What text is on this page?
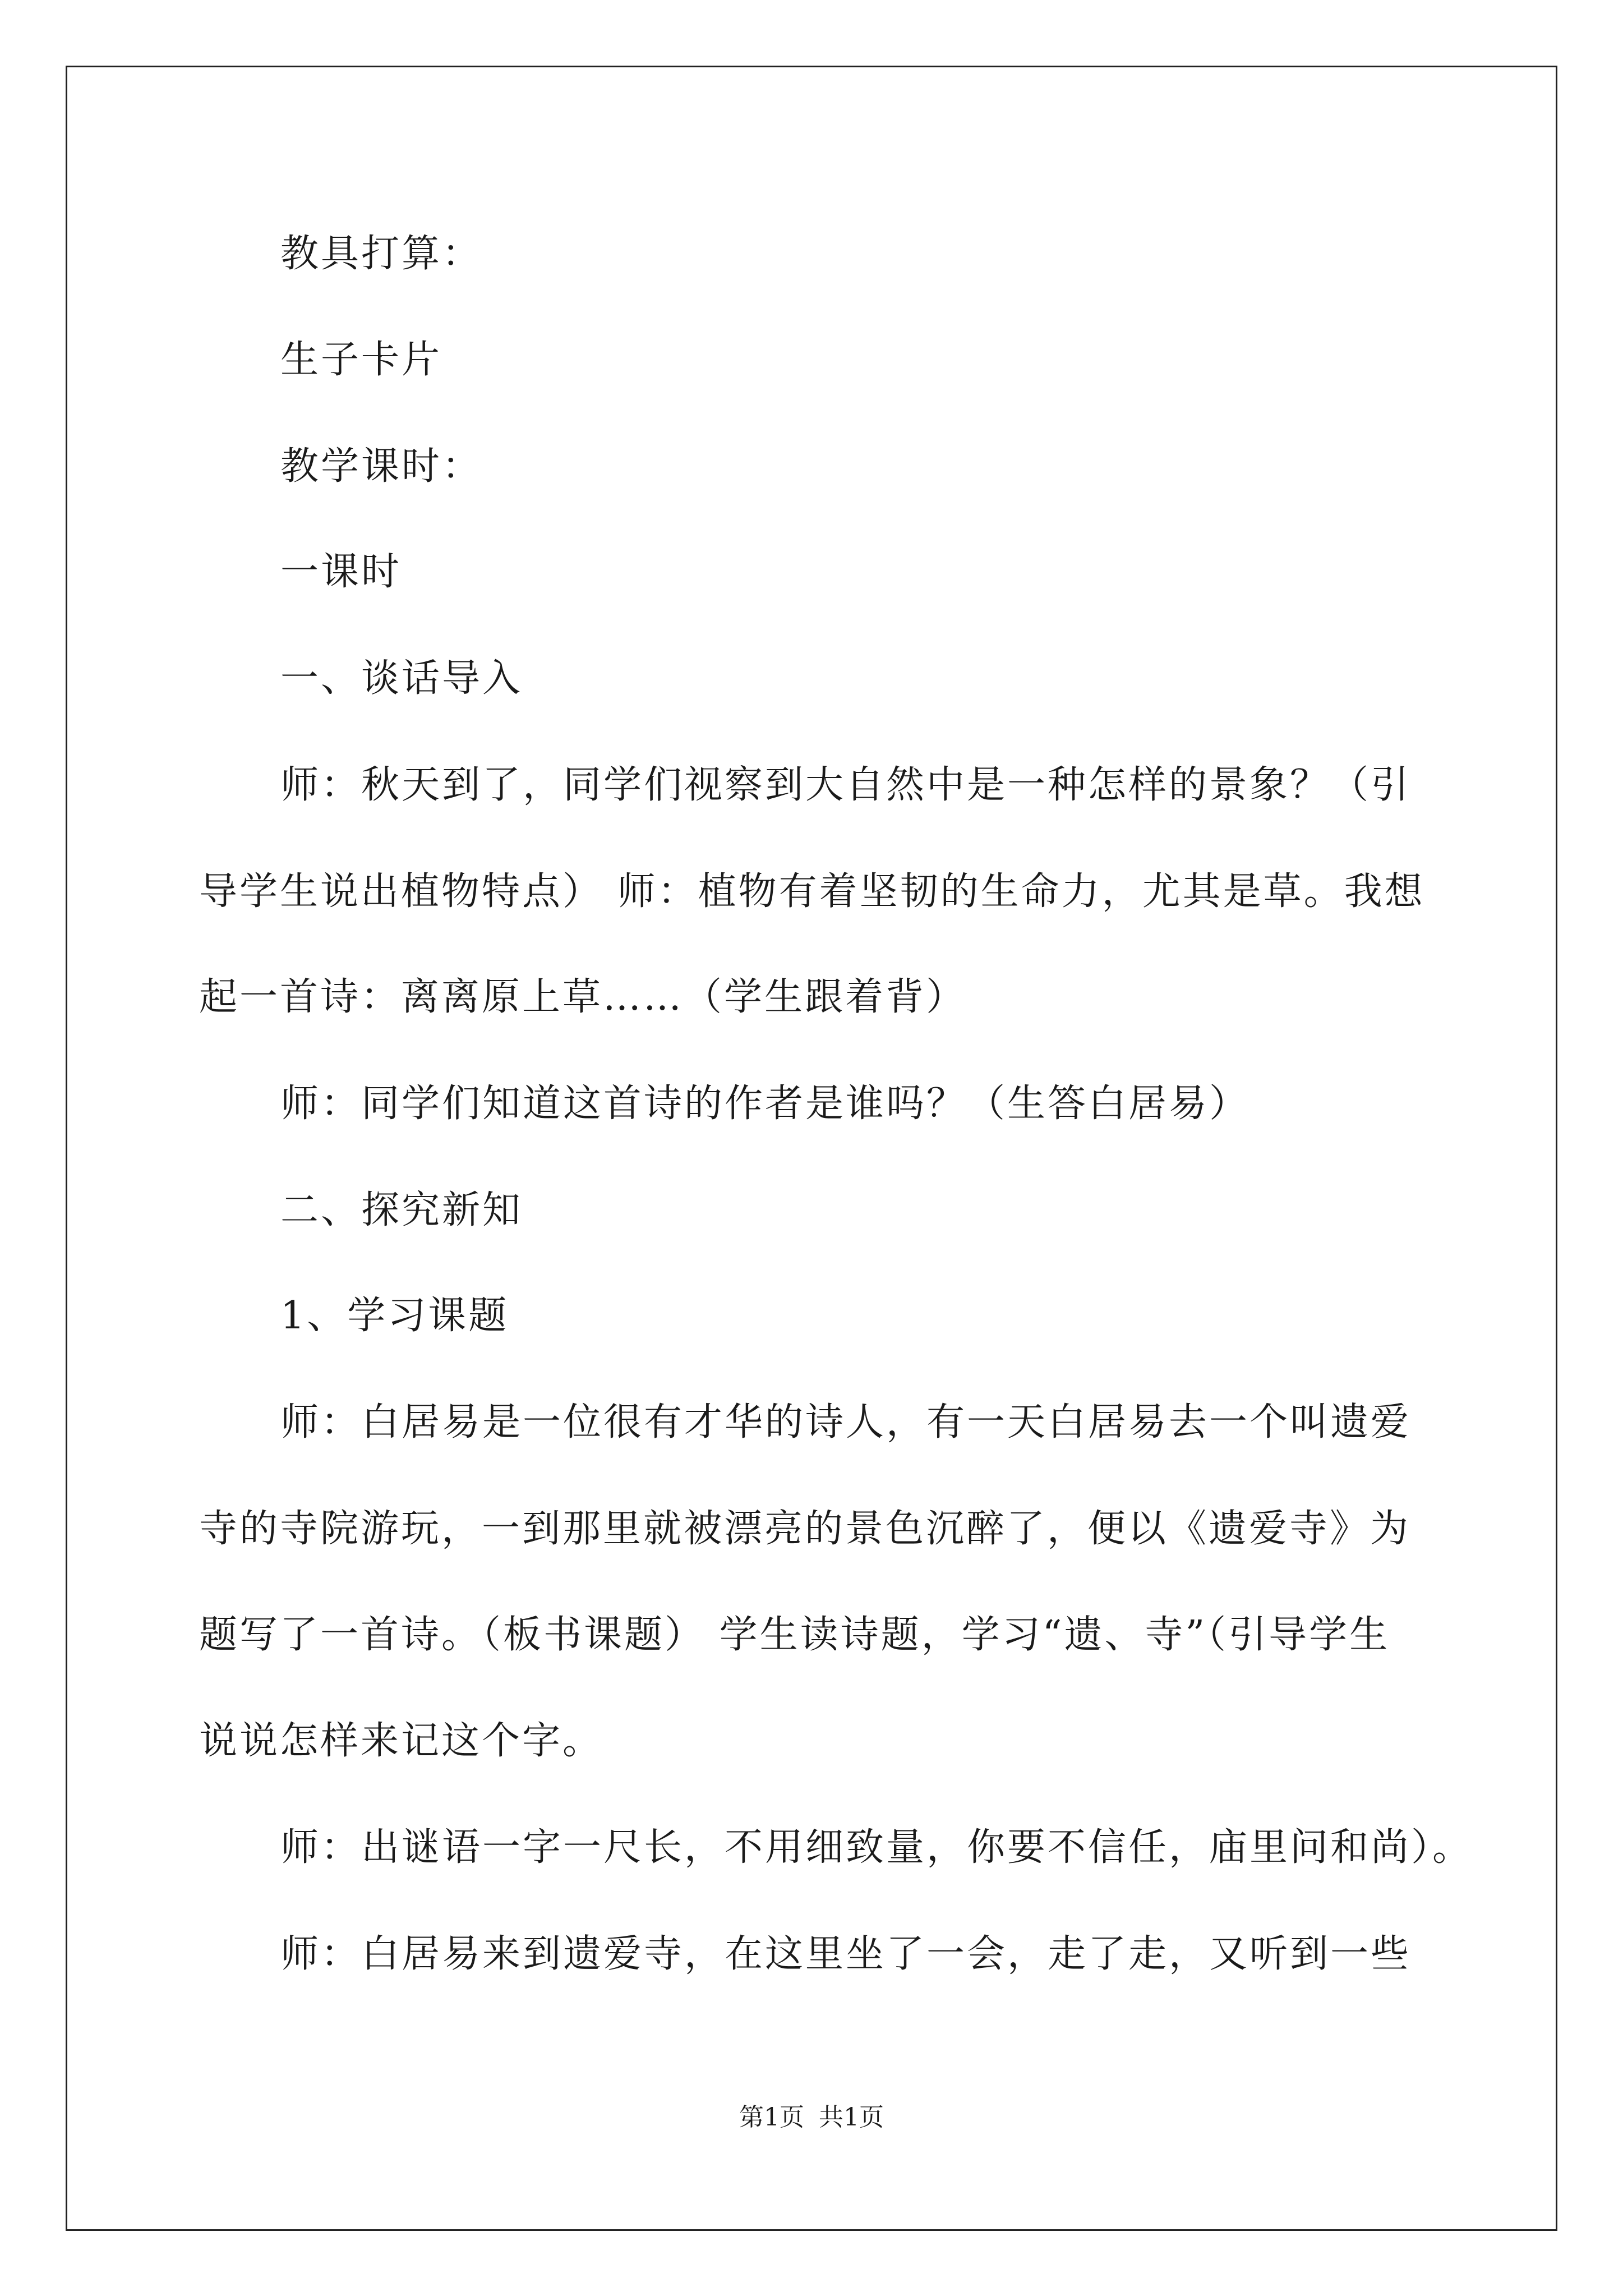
教具打算：
生子卡片
教学课时：
一课时
一、谈话导入
师：秋天到了，同学们视察到大自然中是一种怎样的景象？（引
导学生说出植物特点） 师：植物有着坚韧的生命力，尤其是草。我想
起一首诗：离离原上草……（学生跟着背）
师：同学们知道这首诗的作者是谁吗？（生答白居易）
二、探究新知
1、学习课题
师：白居易是一位很有才华的诗人，有一天白居易去一个叫遗爱
寺的寺院游玩，一到那里就被漂亮的景色沉醉了，便以《遗爱寺》为
题写了一首诗。（板书课题） 学生读诗题，学习“遗、寺”（引导学生
说说怎样来记这个字。
师：出谜语一字一尺长，不用细致量，你要不信任，庙里问和尚）。
师：白居易来到遗爱寺，在这里坐了一会，走了走，又听到一些
第1页 共1页
